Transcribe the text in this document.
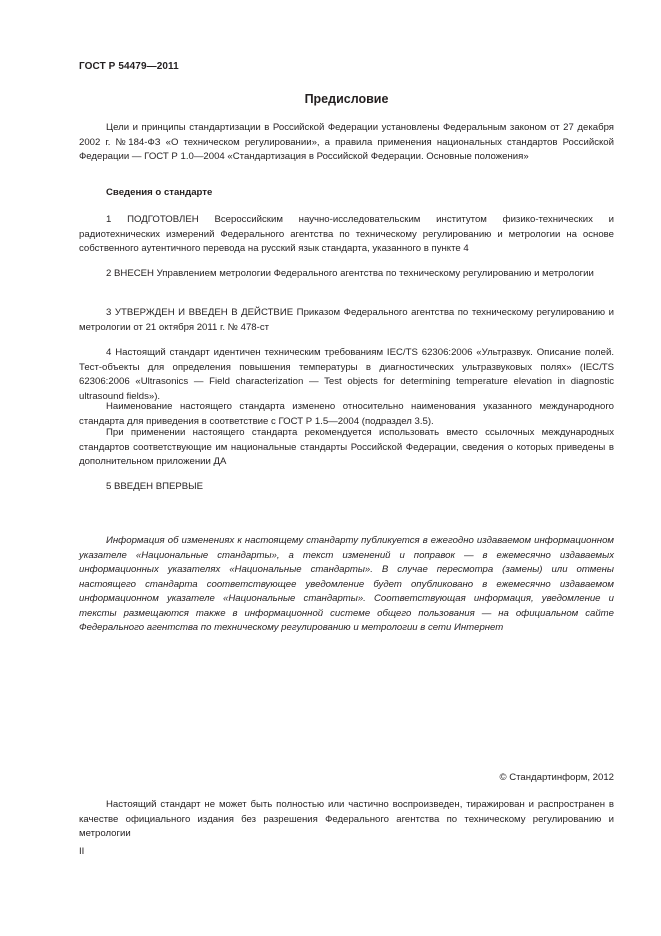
ГОСТ Р 54479—2011
Предисловие

Цели и принципы стандартизации в Российской Федерации установлены Федеральным законом от 27 декабря 2002 г. №184-ФЗ «О техническом регулировании», а правила применения национальных стандартов Российской Федерации — ГОСТ Р 1.0—2004 «Стандартизация в Российской Федерации. Основные положения»

Сведения о стандарте

1 ПОДГОТОВЛЕН Всероссийским научно-исследовательским институтом физико-технических и радиотехнических измерений Федерального агентства по техническому регулированию и метрологии на основе собственного аутентичного перевода на русский язык стандарта, указанного в пункте 4

2 ВНЕСЕН Управлением метрологии Федерального агентства по техническому регулированию и метрологии

3 УТВЕРЖДЕН И ВВЕДЕН В ДЕЙСТВИЕ Приказом Федерального агентства по техническому регулированию и метрологии от 21 октября 2011 г. № 478-ст

4 Настоящий стандарт идентичен техническим требованиям IEC/TS 62306:2006 «Ультразвук. Описание полей. Тест-объекты для определения повышения температуры в диагностических ультразвуковых полях» (IEC/TS 62306:2006 «Ultrasonics — Field characterization — Test objects for determining temperature elevation in diagnostic ultrasound fields»).

Наименование настоящего стандарта изменено относительно наименования указанного международного стандарта для приведения в соответствие с ГОСТ Р 1.5—2004 (подраздел 3.5).

При применении настоящего стандарта рекомендуется использовать вместо ссылочных международных стандартов соответствующие им национальные стандарты Российской Федерации, сведения о которых приведены в дополнительном приложении ДА

5 ВВЕДЕН ВПЕРВЫЕ

Информация об изменениях к настоящему стандарту публикуется в ежегодно издаваемом информационном указателе «Национальные стандарты», а текст изменений и поправок — в ежемесячно издаваемых информационных указателях «Национальные стандарты». В случае пересмотра (замены) или отмены настоящего стандарта соответствующее уведомление будет опубликовано в ежемесячно издаваемом информационном указателе «Национальные стандарты». Соответствующая информация, уведомление и тексты размещаются также в информационной системе общего пользования — на официальном сайте Федерального агентства по техническому регулированию и метрологии в сети Интернет

© Стандартинформ, 2012

Настоящий стандарт не может быть полностью или частично воспроизведен, тиражирован и распространен в качестве официального издания без разрешения Федерального агентства по техническому регулированию и метрологии

II
